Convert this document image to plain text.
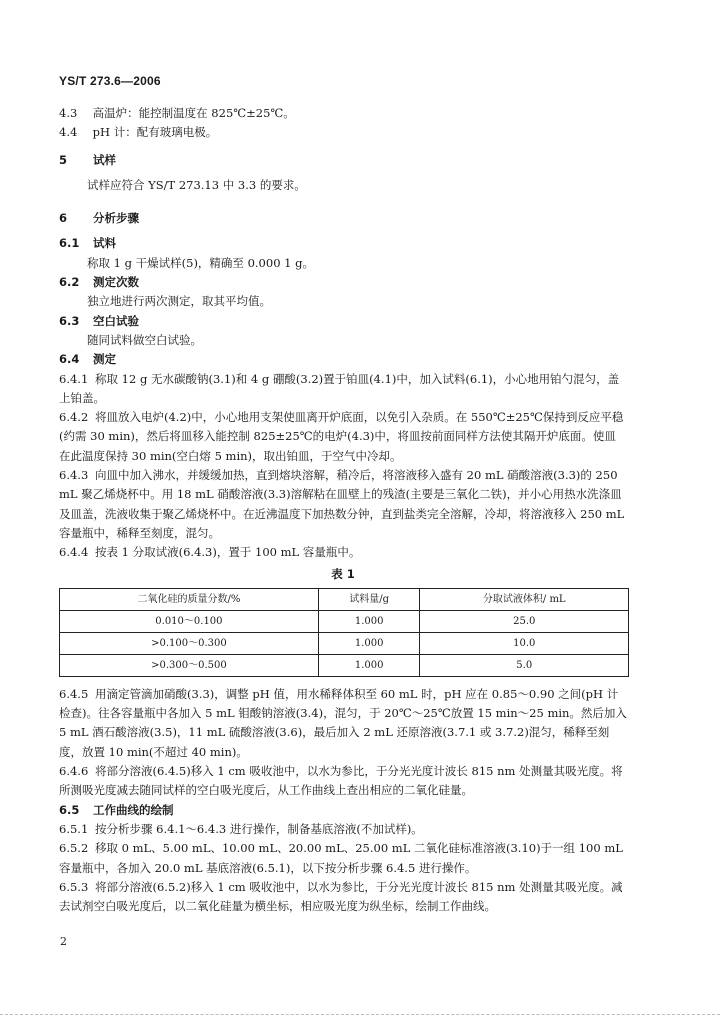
YS/T 273.6—2006

4.3 高温炉：能控制温度在 825℃±25℃。

4.4 pH 计：配有玻璃电极。

5 试样

试样应符合 YS/T 273.13 中 3.3 的要求。

6 分析步骤

6.1 试料

称取 1 g 干燥试样(5)，精确至 0.000 1 g。

6.2 测定次数

独立地进行两次测定，取其平均值。

6.3 空白试验

随同试料做空白试验。

6.4 测定

6.4.1 称取 12 g 无水碳酸钠(3.1)和 4 g 硼酸(3.2)置于铂皿(4.1)中，加入试料(6.1)，小心地用铂勺混匀，盖上铂盖。

6.4.2 将皿放入电炉(4.2)中，小心地用支架使皿离开炉底面，以免引入杂质。在 550℃±25℃保持到反应平稳(约需 30 min)，然后将皿移入能控制 825±25℃的电炉(4.3)中，将皿按前面同样方法使其隔开炉底面。使皿在此温度保持 30 min(空白熔 5 min)，取出铂皿，于空气中冷却。

6.4.3 向皿中加入沸水，并缓缓加热，直到熔块溶解，稍冷后，将溶液移入盛有 20 mL 硝酸溶液(3.3)的 250 mL 聚乙烯烧杯中。用 18 mL 硝酸溶液(3.3)溶解粘在皿壁上的残渣(主要是三氧化二铁)，并小心用热水洗涤皿及皿盖，洗液收集于聚乙烯烧杯中。在近沸温度下加热数分钟，直到盐类完全溶解，冷却，将溶液移入 250 mL 容量瓶中，稀释至刻度，混匀。

6.4.4 按表 1 分取试液(6.4.3)，置于 100 mL 容量瓶中。

表 1
二氧化硅的质量分数/%	试料量/g	分取试液体积/ mL
0.010～0.100	1.000	25.0
>0.100～0.300	1.000	10.0
>0.300～0.500	1.000	5.0

6.4.5 用滴定管滴加硝酸(3.3)，调整 pH 值，用水稀释体积至 60 mL 时，pH 应在 0.85～0.90 之间(pH 计检查)。往各容量瓶中各加入 5 mL 钼酸钠溶液(3.4)，混匀，于 20℃～25℃放置 15 min～25 min。然后加入 5 mL 酒石酸溶液(3.5)，11 mL 硫酸溶液(3.6)，最后加入 2 mL 还原溶液(3.7.1 或 3.7.2)混匀，稀释至刻度，放置 10 min(不超过 40 min)。

6.4.6 将部分溶液(6.4.5)移入 1 cm 吸收池中，以水为参比，于分光光度计波长 815 nm 处测量其吸光度。将所测吸光度减去随同试样的空白吸光度后，从工作曲线上查出相应的二氧化硅量。

6.5 工作曲线的绘制

6.5.1 按分析步骤 6.4.1～6.4.3 进行操作，制备基底溶液(不加试样)。

6.5.2 移取 0 mL、5.00 mL、10.00 mL、20.00 mL、25.00 mL 二氧化硅标准溶液(3.10)于一组 100 mL 容量瓶中，各加入 20.0 mL 基底溶液(6.5.1)，以下按分析步骤 6.4.5 进行操作。

6.5.3 将部分溶液(6.5.2)移入 1 cm 吸收池中，以水为参比，于分光光度计波长 815 nm 处测量其吸光度。减去试剂空白吸光度后，以二氧化硅量为横坐标，相应吸光度为纵坐标，绘制工作曲线。

2
